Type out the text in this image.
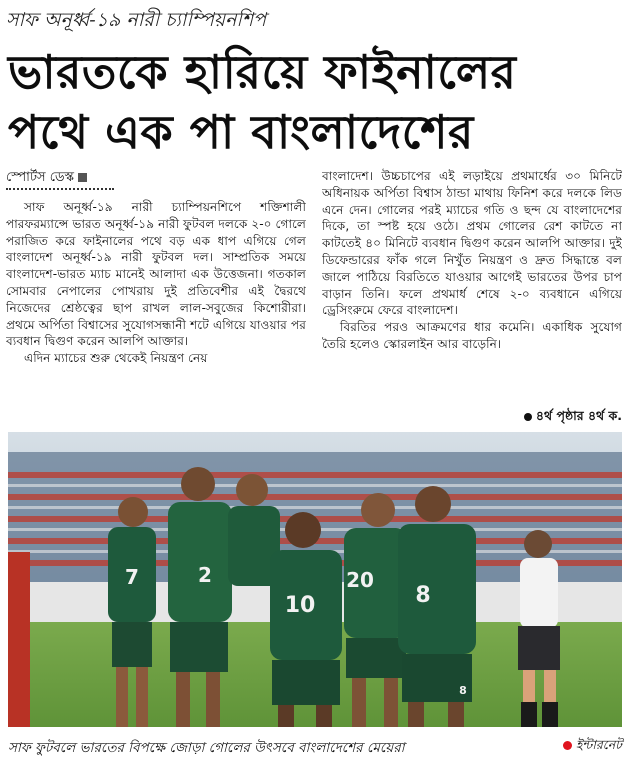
সাফ অনূর্ধ্ব-১৯ নারী চ্যাম্পিয়নশিপ
ভারতকে হারিয়ে ফাইনালের
পথে এক পা বাংলাদেশের
স্পোর্টস ডেস্ক

সাফ অনূর্ধ্ব-১৯ নারী চ্যাম্পিয়নশিপে শক্তিশালী পারফরম্যান্সে ভারত অনূর্ধ্ব-১৯ নারী ফুটবল দলকে ২-০ গোলে পরাজিত করে ফাইনালের পথে বড় এক ধাপ এগিয়ে গেল বাংলাদেশ অনূর্ধ্ব-১৯ নারী ফুটবল দল। সাম্প্রতিক সময়ে বাংলাদেশ-ভারত ম্যাচ মানেই আলাদা এক উত্তেজনা। গতকাল সোমবার নেপালের পোখরায় দুই প্রতিবেশীর এই দ্বৈরথে নিজেদের শ্রেষ্ঠত্বের ছাপ রাখল লাল-সবুজের কিশোরীরা। প্রথমে অর্পিতা বিশ্বাসের সুযোগসন্ধানী শটে এগিয়ে যাওয়ার পর ব্যবধান দ্বিগুণ করেন আলপি আক্তার।

এদিন ম্যাচের শুরু থেকেই নিয়ন্ত্রণ নেয়

বাংলাদেশ। উচ্চচাপের এই লড়াইয়ে প্রথমার্ধের ৩০ মিনিটে অধিনায়ক অর্পিতা বিশ্বাস ঠান্ডা মাথায় ফিনিশ করে দলকে লিড এনে দেন। গোলের পরই ম্যাচের গতি ও ছন্দ যে বাংলাদেশের দিকে, তা স্পষ্ট হয়ে ওঠে। প্রথম গোলের রেশ কাটতে না কাটতেই ৪০ মিনিটে ব্যবধান দ্বিগুণ করেন আলপি আক্তার। দুই ডিফেন্ডারের ফাঁক গলে নিখুঁত নিয়ন্ত্রণ ও দ্রুত সিদ্ধান্তে বল জালে পাঠিয়ে বিরতিতে যাওয়ার আগেই ভারতের উপর চাপ বাড়ান তিনি। ফলে প্রথমার্ধ শেষে ২-০ ব্যবধানে এগিয়ে ড্রেসিংরুমে ফেরে বাংলাদেশ।

বিরতির পরও আক্রমণের ধার কমেনি। একাধিক সুযোগ তৈরি হলেও স্কোরলাইন আর বাড়েনি।

৪র্থ পৃষ্ঠার ৪র্থ ক.
7	2
10
20
8
8
সাফ ফুটবলে ভারতের বিপক্ষে জোড়া গোলের উৎসবে বাংলাদেশের মেয়েরা	ইন্টারনেট
